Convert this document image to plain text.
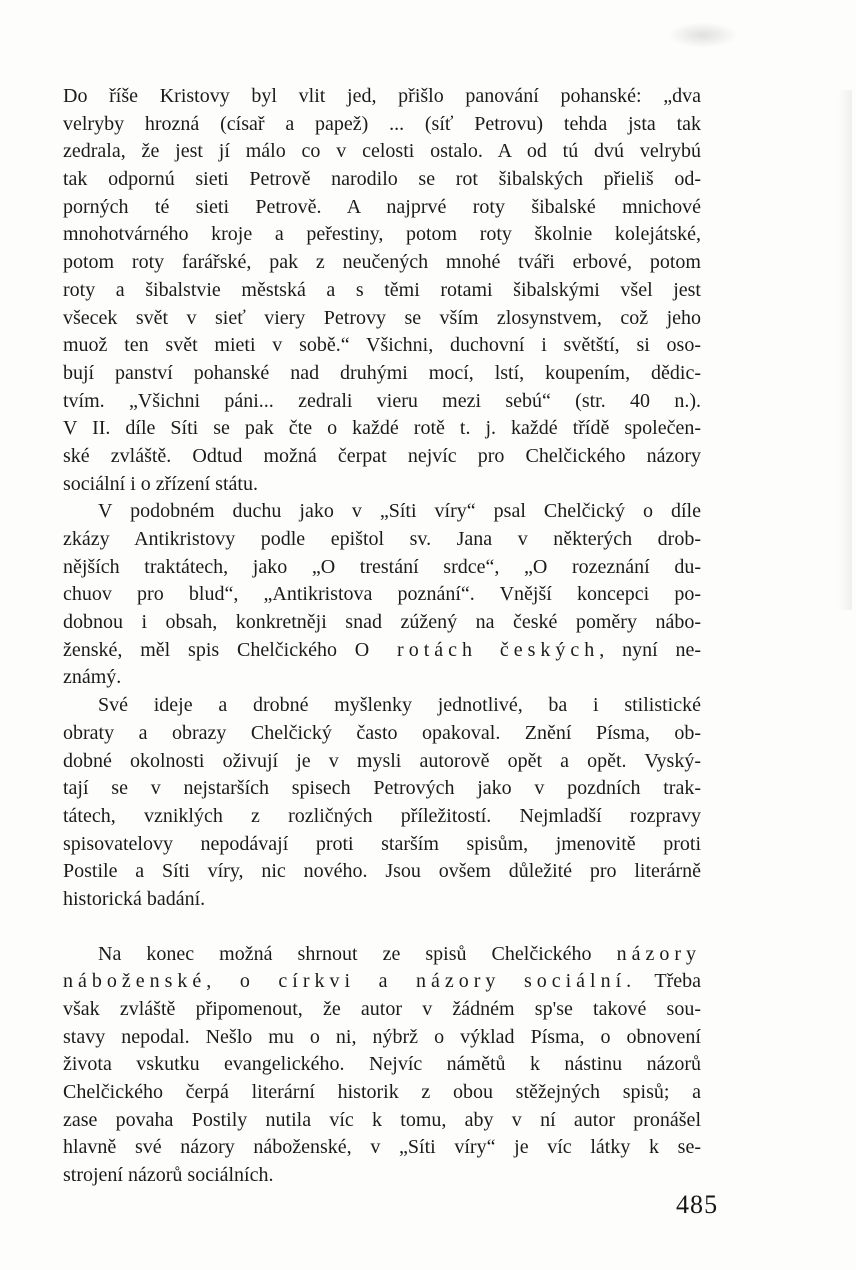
Do říše Kristovy byl vlit jed, přišlo panování pohanské: „dva
velryby hrozná (císař a papež) ... (síť Petrovu) tehda jsta tak
zedrala, že jest jí málo co v celosti ostalo. A od tú dvú velrybú
tak odpornú sieti Petrově narodilo se rot šibalských přieliš od-
porných té sieti Petrově. A najprvé roty šibalské mnichové
mnohotvárného kroje a peřestiny, potom roty školnie kolejátské,
potom roty farářské, pak z neučených mnohé tváři erbové, potom
roty a šibalstvie městská a s těmi rotami šibalskými všel jest
všecek svět v sieť viery Petrovy se vším zlosynstvem, což jeho
muož ten svět mieti v sobě.“ Všichni, duchovní i světští, si oso-
bují panství pohanské nad druhými mocí, lstí, koupením, dědic-
tvím. „Všichni páni... zedrali vieru mezi sebú“ (str. 40 n.).
V II. díle Síti se pak čte o každé rotě t. j. každé třídě společen-
ské zvláště. Odtud možná čerpat nejvíc pro Chelčického názory
sociální i o zřízení státu.
V podobném duchu jako v „Síti víry“ psal Chelčický o díle
zkázy Antikristovy podle epištol sv. Jana v některých drob-
nějších traktátech, jako „O trestání srdce“, „O rozeznání du-
chuov pro blud“, „Antikristova poznání“. Vnější koncepci po-
dobnou i obsah, konkretněji snad zúžený na české poměry nábo-
ženské, měl spis Chelčického O rotách českých, nyní ne-
známý.
Své ideje a drobné myšlenky jednotlivé, ba i stilistické
obraty a obrazy Chelčický často opakoval. Znění Písma, ob-
dobné okolnosti oživují je v mysli autorově opět a opět. Vyský-
tají se v nejstarších spisech Petrových jako v pozdních trak-
tátech, vzniklých z rozličných příležitostí. Nejmladší rozpravy
spisovatelovy nepodávají proti starším spisům, jmenovitě proti
Postile a Síti víry, nic nového. Jsou ovšem důležité pro literárně
historická badání.
Na konec možná shrnout ze spisů Chelčického názory
náboženské, o církvi a názory sociální. Třeba
však zvláště připomenout, že autor v žádném sp'se takové sou-
stavy nepodal. Nešlo mu o ni, nýbrž o výklad Písma, o obnovení
života vskutku evangelického. Nejvíc námětů k nástinu názorů
Chelčického čerpá literární historik z obou stěžejných spisů; a
zase povaha Postily nutila víc k tomu, aby v ní autor pronášel
hlavně své názory náboženské, v „Síti víry“ je víc látky k se-
strojení názorů sociálních.
485
